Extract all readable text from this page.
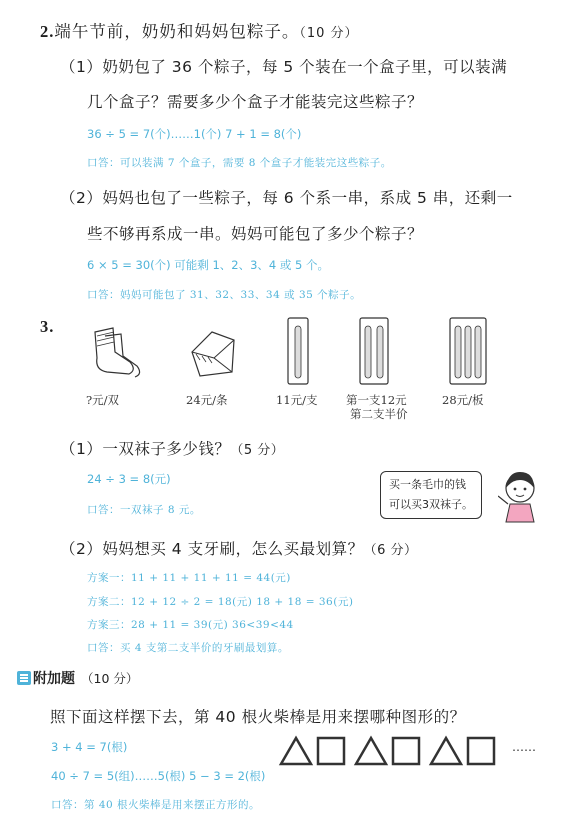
2.端午节前，奶奶和妈妈包粽子。（10 分）
（1）奶奶包了 36 个粽子，每 5 个装在一个盒子里，可以装满
几个盒子？需要多少个盒子才能装完这些粽子？
36 ÷ 5 = 7(个)……1(个) 7 + 1 = 8(个)
口答：可以装满 7 个盒子，需要 8 个盒子才能装完这些粽子。
（2）妈妈也包了一些粽子，每 6 个系一串，系成 5 串，还剩一
些不够再系成一串。妈妈可能包了多少个粽子？
6 × 5 = 30(个) 可能剩 1、2、3、4 或 5 个。
口答：妈妈可能包了 31、32、33、34 或 35 个粽子。
3.
?元/双	24元/条	11元/支 第一支12元
第二支半价
28元/板
（1）一双袜子多少钱？（5 分）
24 ÷ 3 = 8(元)
口答：一双袜子 8 元。
买一条毛巾的钱
可以买3双袜子。
（2）妈妈想买 4 支牙刷，怎么买最划算？（6 分）
方案一：11 + 11 + 11 + 11 = 44(元)
方案二：12 + 12 ÷ 2 = 18(元) 18 + 18 = 36(元)
方案三：28 + 11 = 39(元) 36<39<44
口答：买 4 支第二支半价的牙刷最划算。
附加题 （10 分）
照下面这样摆下去，第 40 根火柴棒是用来摆哪种图形的？
3 + 4 = 7(根)
40 ÷ 7 = 5(组)……5(根) 5 − 3 = 2(根)
口答：第 40 根火柴棒是用来摆正方形的。
……
